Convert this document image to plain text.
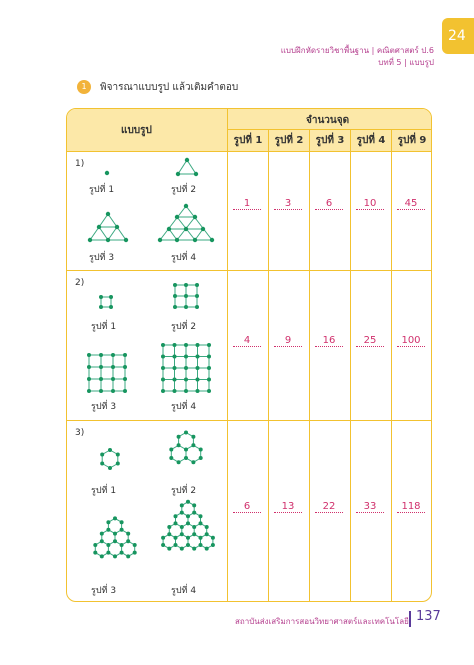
24
แบบฝึกหัดรายวิชาพื้นฐาน | คณิตศาสตร์ ป.6
บทที่ 5 | แบบรูป
1	พิจารณาแบบรูป แล้วเติมคำตอบ
แบบรูป
จำนวนจุด
รูปที่ 1	รูปที่ 2	รูปที่ 3	รูปที่ 4	รูปที่ 9
1)
รูปที่ 1	รูปที่ 2
รูปที่ 3	รูปที่ 4
1	3	6	10	45
2)
รูปที่ 1	รูปที่ 2
รูปที่ 3	รูปที่ 4
4	9	16	25	100
3)
รูปที่ 1	รูปที่ 2
รูปที่ 3	รูปที่ 4
6	13	22	33	118
สถาบันส่งเสริมการสอนวิทยาศาสตร์และเทคโนโลยี 137
